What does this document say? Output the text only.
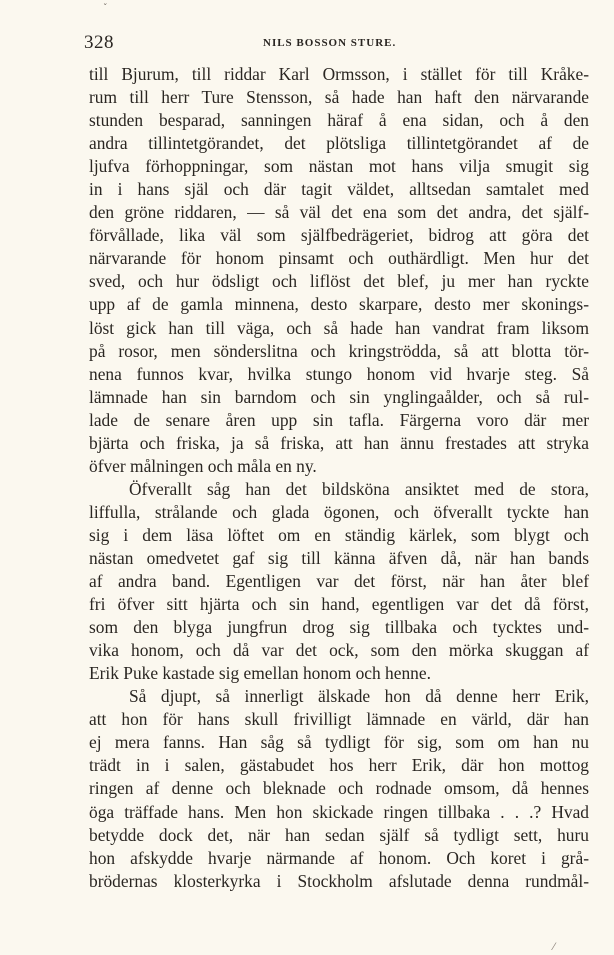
ˇ
328	NILS BOSSON STURE.
till Bjurum, till riddar Karl Ormsson, i stället för till Kråke-
rum till herr Ture Stensson, så hade han haft den närvarande
stunden besparad, sanningen häraf å ena sidan, och å den
andra tillintetgörandet, det plötsliga tillintetgörandet af de
ljufva förhoppningar, som nästan mot hans vilja smugit sig
in i hans själ och där tagit väldet, alltsedan samtalet med
den gröne riddaren, — så väl det ena som det andra, det själf-
förvållade, lika väl som själfbedrägeriet, bidrog att göra det
närvarande för honom pinsamt och outhärdligt. Men hur det
sved, och hur ödsligt och liflöst det blef, ju mer han ryckte
upp af de gamla minnena, desto skarpare, desto mer skonings-
löst gick han till väga, och så hade han vandrat fram liksom
på rosor, men sönderslitna och kringströdda, så att blotta tör-
nena funnos kvar, hvilka stungo honom vid hvarje steg. Så
lämnade han sin barndom och sin ynglingaålder, och så rul-
lade de senare åren upp sin tafla. Färgerna voro där mer
bjärta och friska, ja så friska, att han ännu frestades att stryka
öfver målningen och måla en ny.
Öfverallt såg han det bildsköna ansiktet med de stora,
liffulla, strålande och glada ögonen, och öfverallt tyckte han
sig i dem läsa löftet om en ständig kärlek, som blygt och
nästan omedvetet gaf sig till känna äfven då, när han bands
af andra band. Egentligen var det först, när han åter blef
fri öfver sitt hjärta och sin hand, egentligen var det då först,
som den blyga jungfrun drog sig tillbaka och tycktes und-
vika honom, och då var det ock, som den mörka skuggan af
Erik Puke kastade sig emellan honom och henne.
Så djupt, så innerligt älskade hon då denne herr Erik,
att hon för hans skull frivilligt lämnade en värld, där han
ej mera fanns. Han såg så tydligt för sig, som om han nu
trädt in i salen, gästabudet hos herr Erik, där hon mottog
ringen af denne och bleknade och rodnade omsom, då hennes
öga träffade hans. Men hon skickade ringen tillbaka . . .? Hvad
betydde dock det, när han sedan själf så tydligt sett, huru
hon afskydde hvarje närmande af honom. Och koret i grå-
brödernas klosterkyrka i Stockholm afslutade denna rundmål-
⁄
